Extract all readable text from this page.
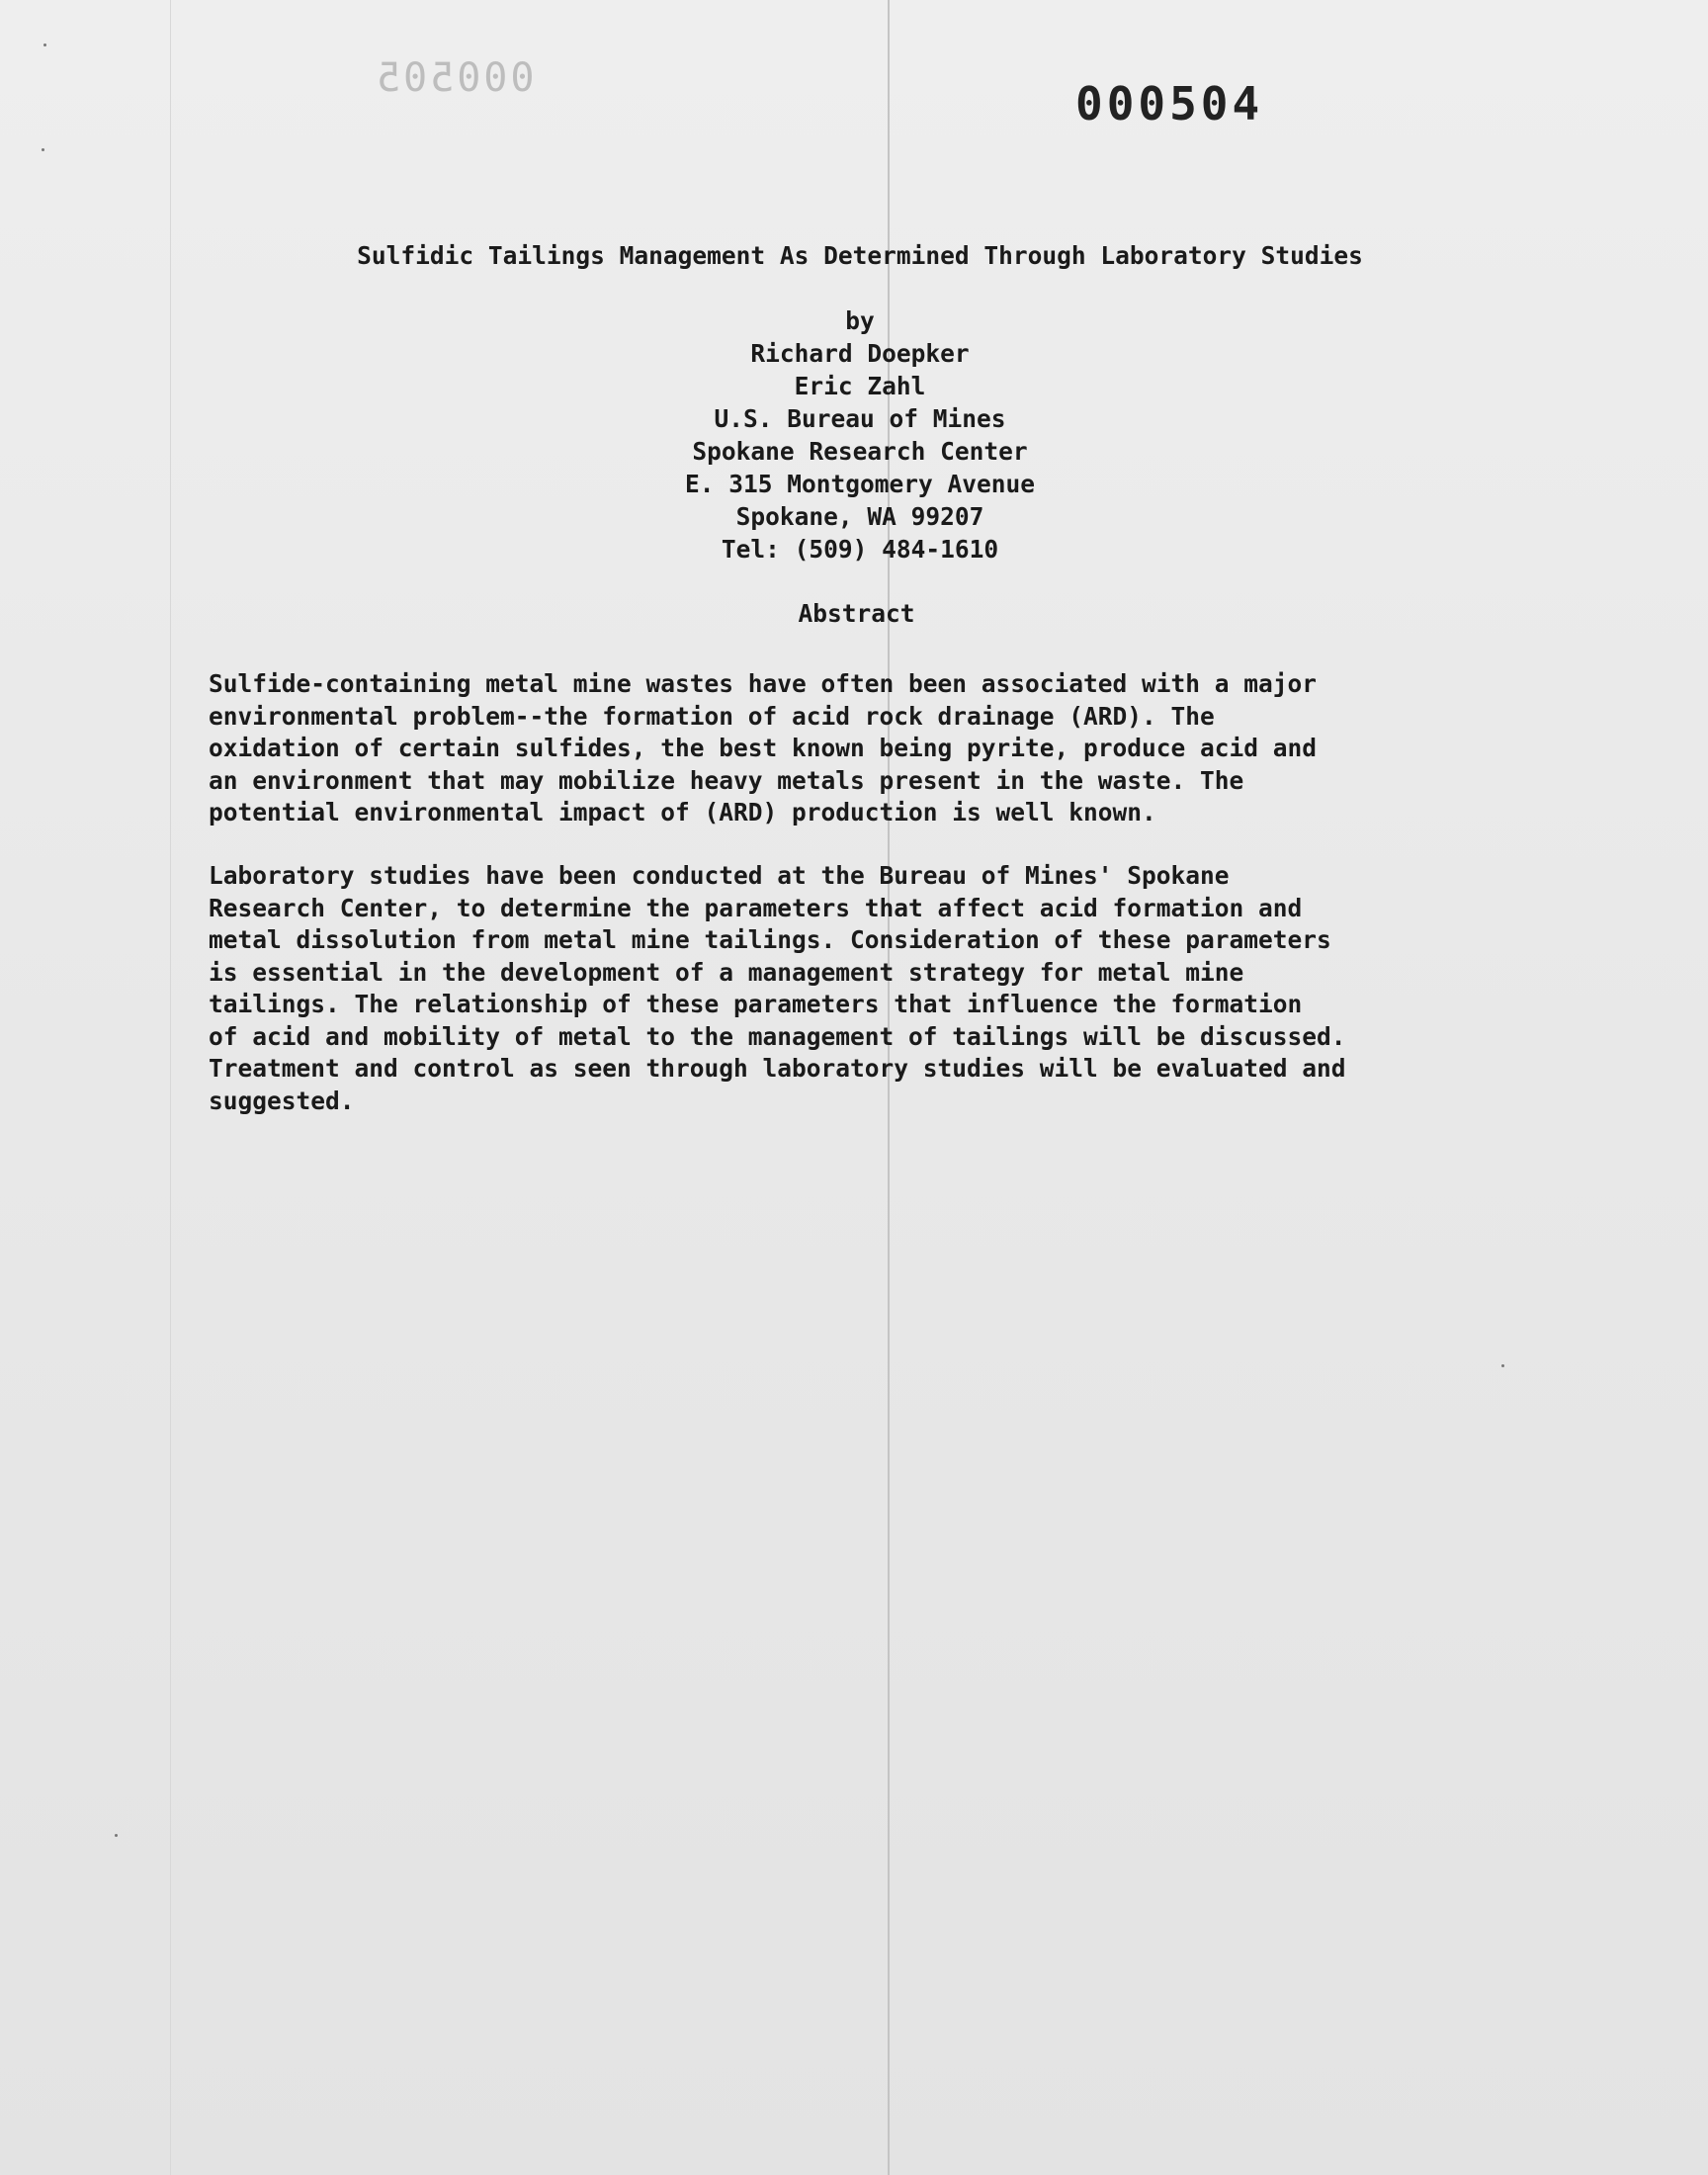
000505	000504
Sulfidic Tailings Management As Determined Through Laboratory Studies
by
Richard Doepker
Eric Zahl
U.S. Bureau of Mines
Spokane Research Center
E. 315 Montgomery Avenue
Spokane, WA 99207
Tel: (509) 484-1610
Abstract
Sulfide-containing metal mine wastes have often been associated with a major
environmental problem--the formation of acid rock drainage (ARD). The
oxidation of certain sulfides, the best known being pyrite, produce acid and
an environment that may mobilize heavy metals present in the waste. The
potential environmental impact of (ARD) production is well known.
Laboratory studies have been conducted at the Bureau of Mines' Spokane
Research Center, to determine the parameters that affect acid formation and
metal dissolution from metal mine tailings. Consideration of these parameters
is essential in the development of a management strategy for metal mine
tailings. The relationship of these parameters that influence the formation
of acid and mobility of metal to the management of tailings will be discussed.
Treatment and control as seen through laboratory studies will be evaluated and
suggested.
